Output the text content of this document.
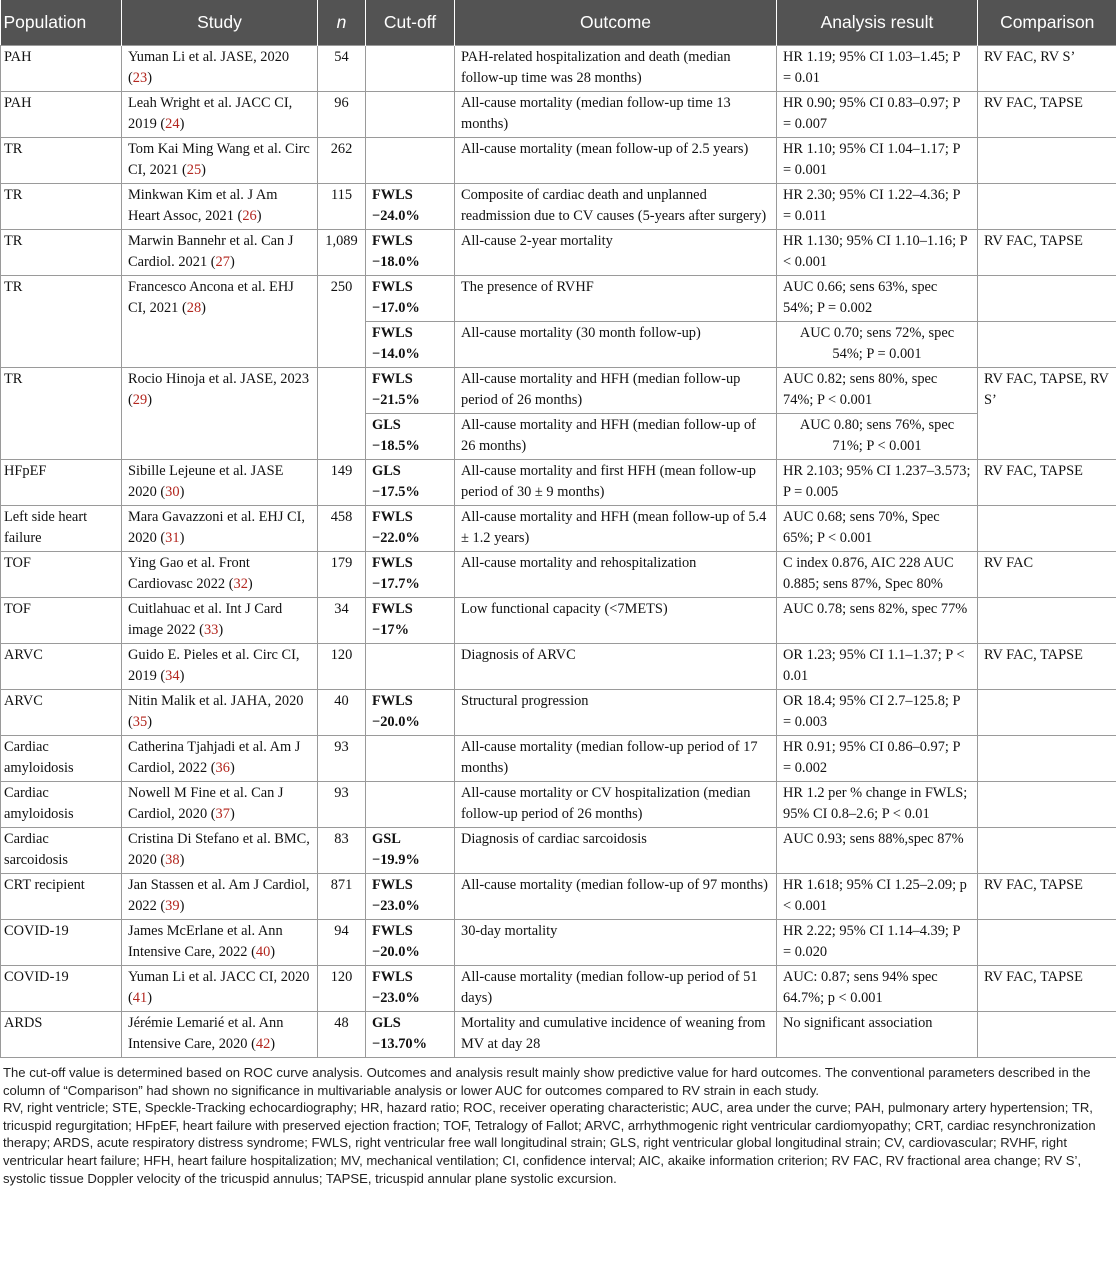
Population	Study	n	Cut-off	Outcome	Analysis result	Comparison
PAH	Yuman Li et al. JASE, 2020 (23)	54		PAH-related hospitalization and death (median follow-up time was 28 months)	HR 1.19; 95% CI 1.03–1.45; P = 0.01	RV FAC, RV S’
PAH	Leah Wright et al. JACC CI, 2019 (24)	96		All-cause mortality (median follow-up time 13 months)	HR 0.90; 95% CI 0.83–0.97; P = 0.007	RV FAC, TAPSE
TR	Tom Kai Ming Wang et al. Circ CI, 2021 (25)	262		All-cause mortality (mean follow-up of 2.5 years)	HR 1.10; 95% CI 1.04–1.17; P = 0.001	
TR	Minkwan Kim et al. J Am Heart Assoc, 2021 (26)	115	FWLS −24.0%	Composite of cardiac death and unplanned readmission due to CV causes (5-years after surgery)	HR 2.30; 95% CI 1.22–4.36; P = 0.011	
TR	Marwin Bannehr et al. Can J Cardiol. 2021 (27)	1,089	FWLS −18.0%	All-cause 2-year mortality	HR 1.130; 95% CI 1.10–1.16; P < 0.001	RV FAC, TAPSE
TR	Francesco Ancona et al. EHJ CI, 2021 (28)	250	FWLS −17.0%	The presence of RVHF	AUC 0.66; sens 63%, spec 54%; P = 0.002	
			FWLS −14.0%	All-cause mortality (30 month follow-up)	AUC 0.70; sens 72%, spec 54%; P = 0.001	
TR	Rocio Hinoja et al. JASE, 2023 (29)		FWLS −21.5%	All-cause mortality and HFH (median follow-up period of 26 months)	AUC 0.82; sens 80%, spec 74%; P < 0.001	RV FAC, TAPSE, RV S’
			GLS −18.5%	All-cause mortality and HFH (median follow-up of 26 months)	AUC 0.80; sens 76%, spec 71%; P < 0.001	
HFpEF	Sibille Lejeune et al. JASE 2020 (30)	149	GLS −17.5%	All-cause mortality and first HFH (mean follow-up period of 30 ± 9 months)	HR 2.103; 95% CI 1.237–3.573; P = 0.005	RV FAC, TAPSE
Left side heart failure	Mara Gavazzoni et al. EHJ CI, 2020 (31)	458	FWLS −22.0%	All-cause mortality and HFH (mean follow-up of 5.4 ± 1.2 years)	AUC 0.68; sens 70%, Spec 65%; P < 0.001	
TOF	Ying Gao et al. Front Cardiovasc 2022 (32)	179	FWLS −17.7%	All-cause mortality and rehospitalization	C index 0.876, AIC 228 AUC 0.885; sens 87%, Spec 80%	RV FAC
TOF	Cuitlahuac et al. Int J Card image 2022 (33)	34	FWLS −17%	Low functional capacity (<7METS)	AUC 0.78; sens 82%, spec 77%	
ARVC	Guido E. Pieles et al. Circ CI, 2019 (34)	120		Diagnosis of ARVC	OR 1.23; 95% CI 1.1–1.37; P < 0.01	RV FAC, TAPSE
ARVC	Nitin Malik et al. JAHA, 2020 (35)	40	FWLS −20.0%	Structural progression	OR 18.4; 95% CI 2.7–125.8; P = 0.003	
Cardiac amyloidosis	Catherina Tjahjadi et al. Am J Cardiol, 2022 (36)	93		All-cause mortality (median follow-up period of 17 months)	HR 0.91; 95% CI 0.86–0.97; P = 0.002	
Cardiac amyloidosis	Nowell M Fine et al. Can J Cardiol, 2020 (37)	93		All-cause mortality or CV hospitalization (median follow-up period of 26 months)	HR 1.2 per % change in FWLS; 95% CI 0.8–2.6; P < 0.01	
Cardiac sarcoidosis	Cristina Di Stefano et al. BMC, 2020 (38)	83	GSL −19.9%	Diagnosis of cardiac sarcoidosis	AUC 0.93; sens 88%,spec 87%	
CRT recipient	Jan Stassen et al. Am J Cardiol, 2022 (39)	871	FWLS −23.0%	All-cause mortality (median follow-up of 97 months)	HR 1.618; 95% CI 1.25–2.09; p < 0.001	RV FAC, TAPSE
COVID-19	James McErlane et al. Ann Intensive Care, 2022 (40)	94	FWLS −20.0%	30-day mortality	HR 2.22; 95% CI 1.14–4.39; P = 0.020	
COVID-19	Yuman Li et al. JACC CI, 2020 (41)	120	FWLS −23.0%	All-cause mortality (median follow-up period of 51 days)	AUC: 0.87; sens 94% spec 64.7%; p < 0.001	RV FAC, TAPSE
ARDS	Jérémie Lemarié et al. Ann Intensive Care, 2020 (42)	48	GLS −13.70%	Mortality and cumulative incidence of weaning from MV at day 28	No significant association	

The cut-off value is determined based on ROC curve analysis. Outcomes and analysis result mainly show predictive value for hard outcomes. The conventional parameters described in the column of “Comparison” had shown no significance in multivariable analysis or lower AUC for outcomes compared to RV strain in each study.

RV, right ventricle; STE, Speckle-Tracking echocardiography; HR, hazard ratio; ROC, receiver operating characteristic; AUC, area under the curve; PAH, pulmonary artery hypertension; TR, tricuspid regurgitation; HFpEF, heart failure with preserved ejection fraction; TOF, Tetralogy of Fallot; ARVC, arrhythmogenic right ventricular cardiomyopathy; CRT, cardiac resynchronization therapy; ARDS, acute respiratory distress syndrome; FWLS, right ventricular free wall longitudinal strain; GLS, right ventricular global longitudinal strain; CV, cardiovascular; RVHF, right ventricular heart failure; HFH, heart failure hospitalization; MV, mechanical ventilation; CI, confidence interval; AIC, akaike information criterion; RV FAC, RV fractional area change; RV S’, systolic tissue Doppler velocity of the tricuspid annulus; TAPSE, tricuspid annular plane systolic excursion.
